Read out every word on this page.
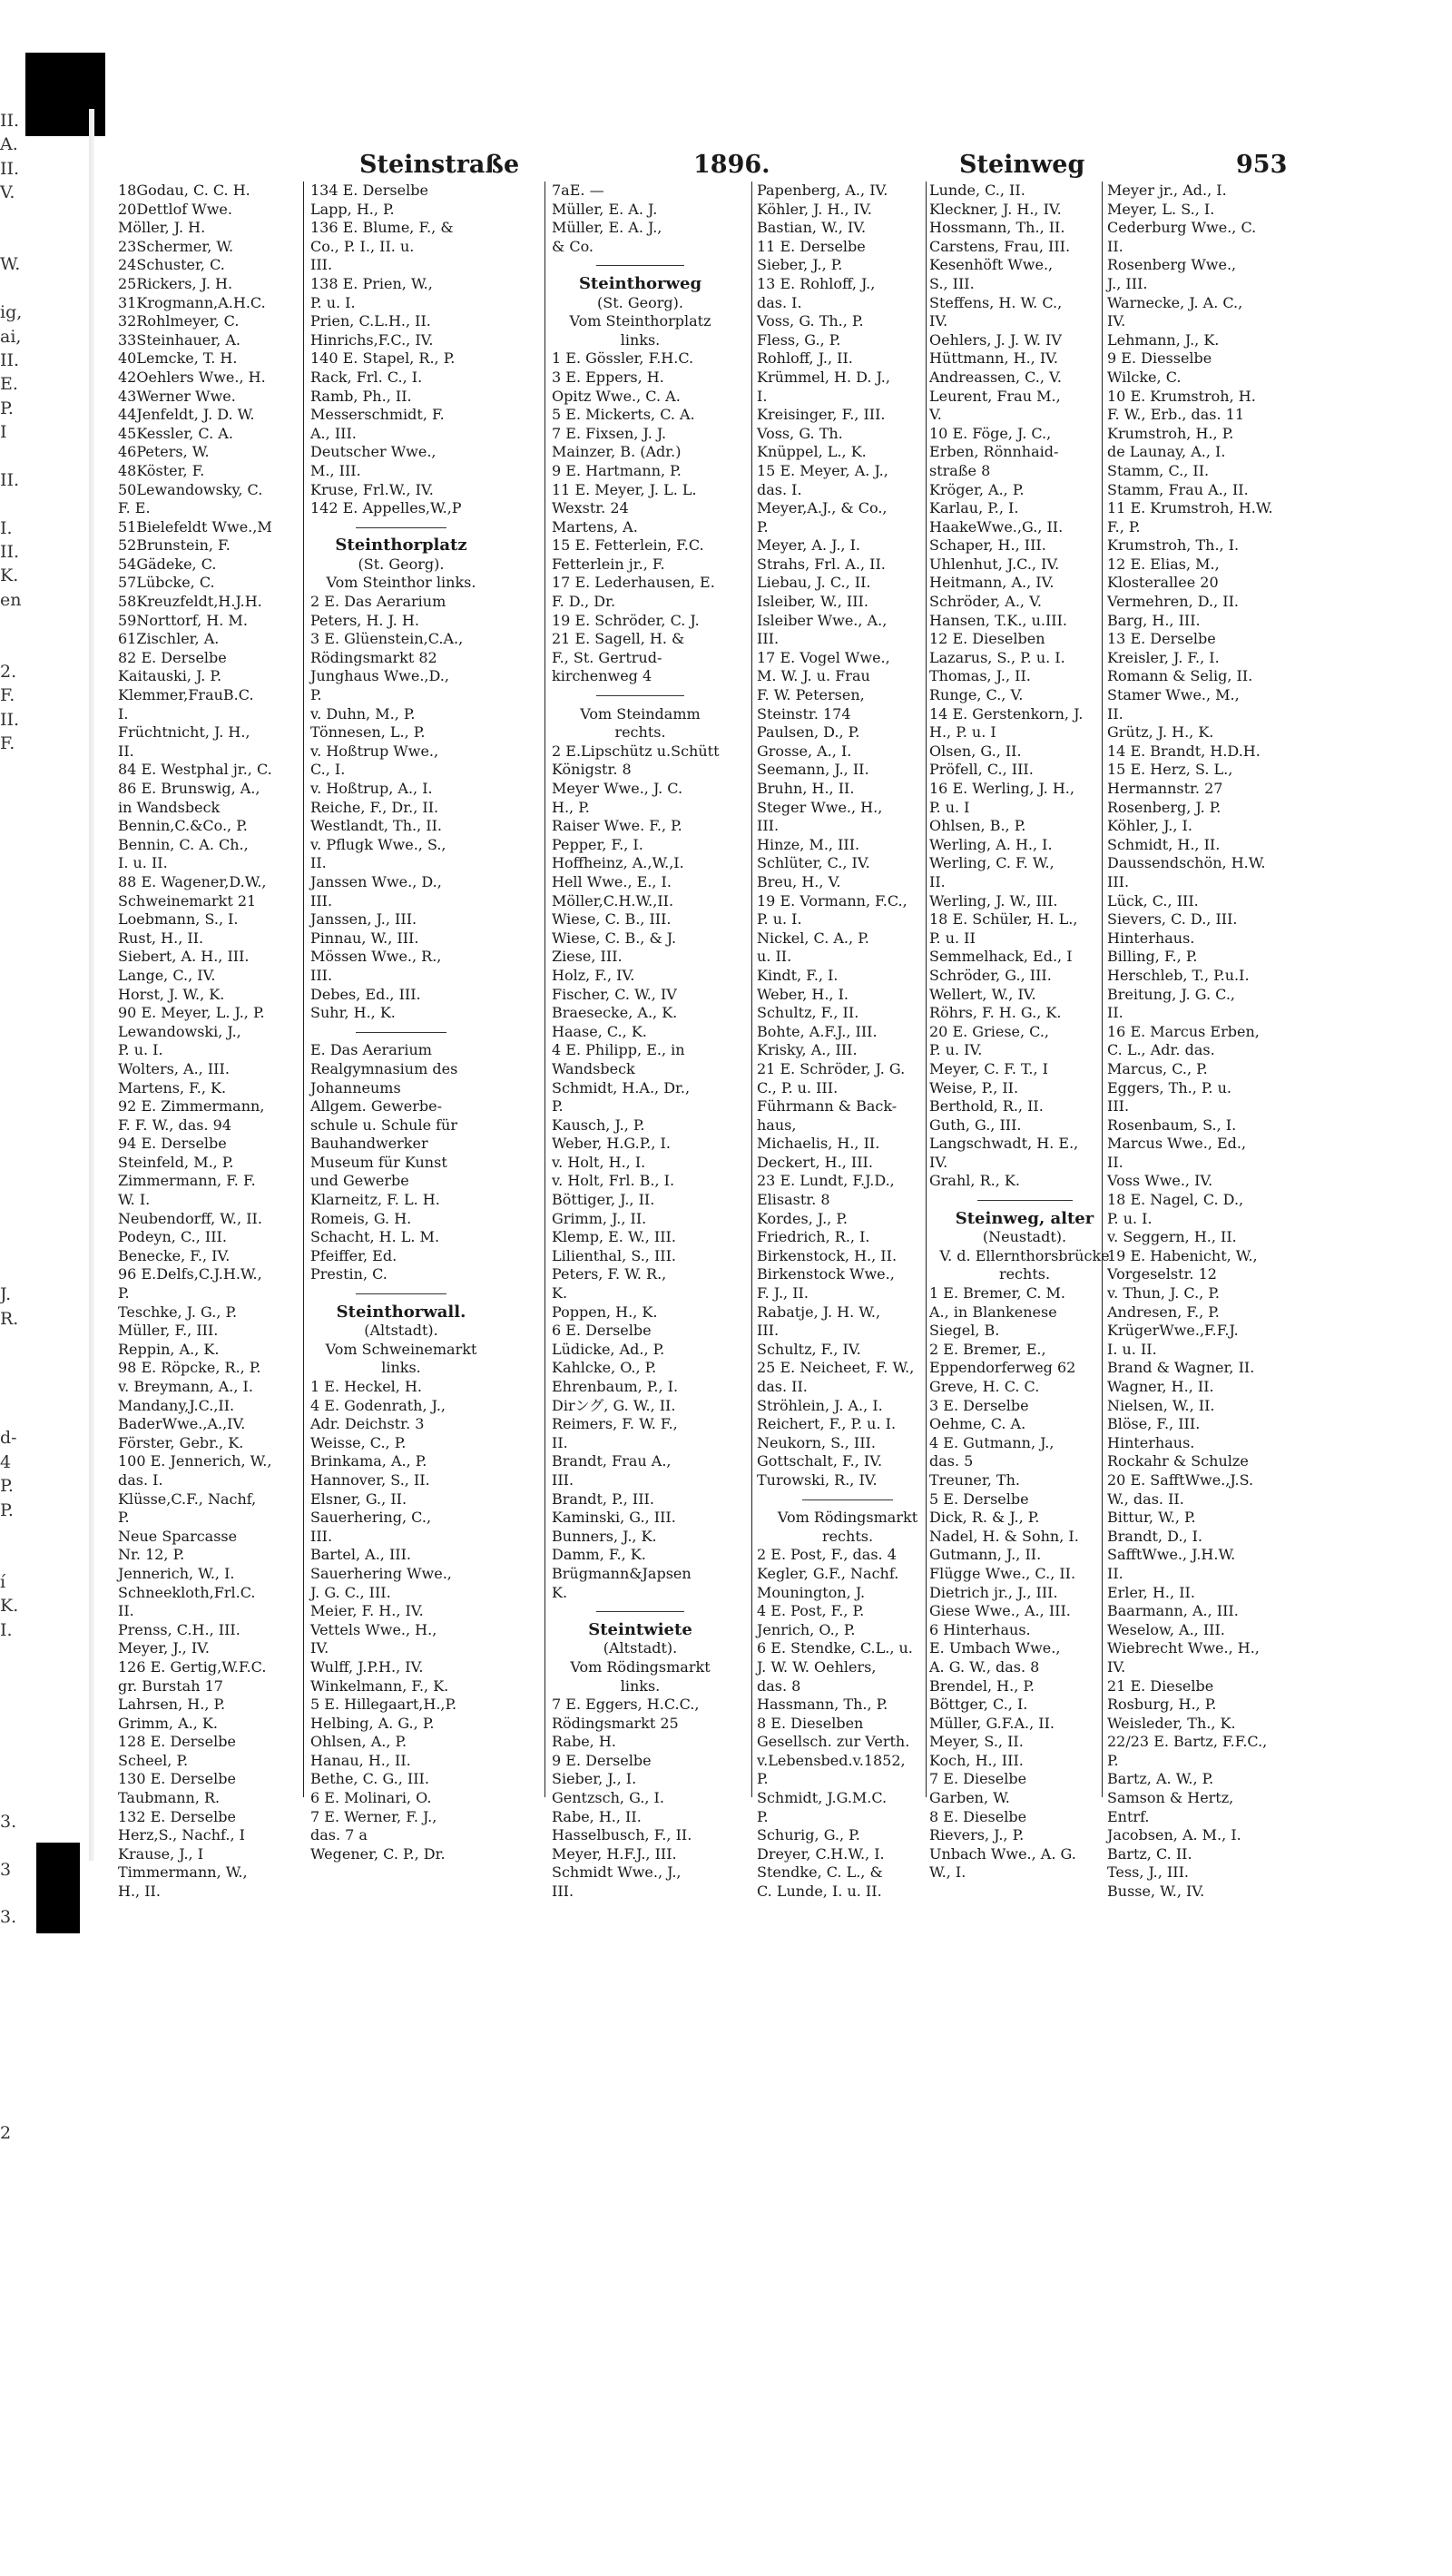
II.
A.
II.
V.
W.
ig,
ai,
II.
E.
P.
I
II.
I.
II.
K.
en
2.
F.
II.
F.
J.
R.
d-
4
P.
P.
í
K.
I.
3.
3
3.
2
Steinstraße	1896.	Steinweg	953
18Godau, C. C. H.
20Dettlof Wwe.
Möller, J. H.
23Schermer, W.
24Schuster, C.
25Rickers, J. H.
31Krogmann,A.H.C.
32Rohlmeyer, C.
33Steinhauer, A.
40Lemcke, T. H.
42Oehlers Wwe., H.
43Werner Wwe.
44Jenfeldt, J. D. W.
45Kessler, C. A.
46Peters, W.
48Köster, F.
50Lewandowsky, C.
F. E.
51Bielefeldt Wwe.,M
52Brunstein, F.
54Gädeke, C.
57Lübcke, C.
58Kreuzfeldt,H.J.H.
59Norttorf, H. M.
61Zischler, A.
82 E. Derselbe
Kaitauski, J. P.
Klemmer,FrauB.C.
I.
Früchtnicht, J. H.,
II.
84 E. Westphal jr., C.
86 E. Brunswig, A.,
in Wandsbeck
Bennin,C.&Co., P.
Bennin, C. A. Ch.,
I. u. II.
88 E. Wagener,D.W.,
Schweinemarkt 21
Loebmann, S., I.
Rust, H., II.
Siebert, A. H., III.
Lange, C., IV.
Horst, J. W., K.
90 E. Meyer, L. J., P.
Lewandowski, J.,
P. u. I.
Wolters, A., III.
Martens, F., K.
92 E. Zimmermann,
F. F. W., das. 94
94 E. Derselbe
Steinfeld, M., P.
Zimmermann, F. F.
W. I.
Neubendorff, W., II.
Podeyn, C., III.
Benecke, F., IV.
96 E.Delfs,C.J.H.W.,
P.
Teschke, J. G., P.
Müller, F., III.
Reppin, A., K.
98 E. Röpcke, R., P.
v. Breymann, A., I.
Mandany,J.C.,II.
BaderWwe.,A.,IV.
Förster, Gebr., K.
100 E. Jennerich, W.,
das. I.
Klüsse,C.F., Nachf,
P.
Neue Sparcasse
Nr. 12, P.
Jennerich, W., I.
Schneekloth,Frl.C.
II.
Prenss, C.H., III.
Meyer, J., IV.
126 E. Gertig,W.F.C.
gr. Burstah 17
Lahrsen, H., P.
Grimm, A., K.
128 E. Derselbe
Scheel, P.
130 E. Derselbe
Taubmann, R.
132 E. Derselbe
Herz,S., Nachf., I
Krause, J., I
Timmermann, W.,
H., II.
134 E. Derselbe
Lapp, H., P.
136 E. Blume, F., &
Co., P. I., II. u.
III.
138 E. Prien, W.,
P. u. I.
Prien, C.L.H., II.
Hinrichs,F.C., IV.
140 E. Stapel, R., P.
Rack, Frl. C., I.
Ramb, Ph., II.
Messerschmidt, F.
A., III.
Deutscher Wwe.,
M., III.
Kruse, Frl.W., IV.
142 E. Appelles,W.,P
Steinthorplatz
(St. Georg).
Vom Steinthor links.
2 E. Das Aerarium
Peters, H. J. H.
3 E. Glüenstein,C.A.,
Rödingsmarkt 82
Junghaus Wwe.,D.,
P.
v. Duhn, M., P.
Tönnesen, L., P.
v. Hoßtrup Wwe.,
C., I.
v. Hoßtrup, A., I.
Reiche, F., Dr., II.
Westlandt, Th., II.
v. Pflugk Wwe., S.,
II.
Janssen Wwe., D.,
III.
Janssen, J., III.
Pinnau, W., III.
Mössen Wwe., R.,
III.
Debes, Ed., III.
Suhr, H., K.
E. Das Aerarium
Realgymnasium des
Johanneums
Allgem. Gewerbe-
schule u. Schule für
Bauhandwerker
Museum für Kunst
und Gewerbe
Klarneitz, F. L. H.
Romeis, G. H.
Schacht, H. L. M.
Pfeiffer, Ed.
Prestin, C.
Steinthorwall.
(Altstadt).
Vom Schweinemarkt
links.
1 E. Heckel, H.
4 E. Godenrath, J.,
Adr. Deichstr. 3
Weisse, C., P.
Brinkama, A., P.
Hannover, S., II.
Elsner, G., II.
Sauerhering, C.,
III.
Bartel, A., III.
Sauerhering Wwe.,
J. G. C., III.
Meier, F. H., IV.
Vettels Wwe., H.,
IV.
Wulff, J.P.H., IV.
Winkelmann, F., K.
5 E. Hillegaart,H.,P.
Helbing, A. G., P.
Ohlsen, A., P.
Hanau, H., II.
Bethe, C. G., III.
6 E. Molinari, O.
7 E. Werner, F. J.,
das. 7 a
Wegener, C. P., Dr.
7aE. —
Müller, E. A. J.
Müller, E. A. J.,
& Co.
Steinthorweg
(St. Georg).
Vom Steinthorplatz
links.
1 E. Gössler, F.H.C.
3 E. Eppers, H.
Opitz Wwe., C. A.
5 E. Mickerts, C. A.
7 E. Fixsen, J. J.
Mainzer, B. (Adr.)
9 E. Hartmann, P.
11 E. Meyer, J. L. L.
Wexstr. 24
Martens, A.
15 E. Fetterlein, F.C.
Fetterlein jr., F.
17 E. Lederhausen, E.
F. D., Dr.
19 E. Schröder, C. J.
21 E. Sagell, H. &
F., St. Gertrud-
kirchenweg 4
Vom Steindamm
rechts.
2 E.Lipschütz u.Schütt
Königstr. 8
Meyer Wwe., J. C.
H., P.
Raiser Wwe. F., P.
Pepper, F., I.
Hoffheinz, A.,W.,I.
Hell Wwe., E., I.
Möller,C.H.W.,II.
Wiese, C. B., III.
Wiese, C. B., & J.
Ziese, III.
Holz, F., IV.
Fischer, C. W., IV
Braesecke, A., K.
Haase, C., K.
4 E. Philipp, E., in
Wandsbeck
Schmidt, H.A., Dr.,
P.
Kausch, J., P.
Weber, H.G.P., I.
v. Holt, H., I.
v. Holt, Frl. B., I.
Böttiger, J., II.
Grimm, J., II.
Klemp, E. W., III.
Lilienthal, S., III.
Peters, F. W. R.,
K.
Poppen, H., K.
6 E. Derselbe
Lüdicke, Ad., P.
Kahlcke, O., P.
Ehrenbaum, P., I.
Dirング, G. W., II.
Reimers, F. W. F.,
II.
Brandt, Frau A.,
III.
Brandt, P., III.
Kaminski, G., III.
Bunners, J., K.
Damm, F., K.
Brügmann&Japsen
K.
Steintwiete
(Altstadt).
Vom Rödingsmarkt
links.
7 E. Eggers, H.C.C.,
Rödingsmarkt 25
Rabe, H.
9 E. Derselbe
Sieber, J., I.
Gentzsch, G., I.
Rabe, H., II.
Hasselbusch, F., II.
Meyer, H.F.J., III.
Schmidt Wwe., J.,
III.
Papenberg, A., IV.
Köhler, J. H., IV.
Bastian, W., IV.
11 E. Derselbe
Sieber, J., P.
13 E. Rohloff, J.,
das. I.
Voss, G. Th., P.
Fless, G., P.
Rohloff, J., II.
Krümmel, H. D. J.,
I.
Kreisinger, F., III.
Voss, G. Th.
Knüppel, L., K.
15 E. Meyer, A. J.,
das. I.
Meyer,A.J., & Co.,
P.
Meyer, A. J., I.
Strahs, Frl. A., II.
Liebau, J. C., II.
Isleiber, W., III.
Isleiber Wwe., A.,
III.
17 E. Vogel Wwe.,
M. W. J. u. Frau
F. W. Petersen,
Steinstr. 174
Paulsen, D., P.
Grosse, A., I.
Seemann, J., II.
Bruhn, H., II.
Steger Wwe., H.,
III.
Hinze, M., III.
Schlüter, C., IV.
Breu, H., V.
19 E. Vormann, F.C.,
P. u. I.
Nickel, C. A., P.
u. II.
Kindt, F., I.
Weber, H., I.
Schultz, F., II.
Bohte, A.F.J., III.
Krisky, A., III.
21 E. Schröder, J. G.
C., P. u. III.
Führmann & Back-
haus,
Michaelis, H., II.
Deckert, H., III.
23 E. Lundt, F.J.D.,
Elisastr. 8
Kordes, J., P.
Friedrich, R., I.
Birkenstock, H., II.
Birkenstock Wwe.,
F. J., II.
Rabatje, J. H. W.,
III.
Schultz, F., IV.
25 E. Neicheet, F. W.,
das. II.
Ströhlein, J. A., I.
Reichert, F., P. u. I.
Neukorn, S., III.
Gottschalt, F., IV.
Turowski, R., IV.
Vom Rödingsmarkt
rechts.
2 E. Post, F., das. 4
Kegler, G.F., Nachf.
Mounington, J.
4 E. Post, F., P.
Jenrich, O., P.
6 E. Stendke, C.L., u.
J. W. W. Oehlers,
das. 8
Hassmann, Th., P.
8 E. Dieselben
Gesellsch. zur Verth.
v.Lebensbed.v.1852,
P.
Schmidt, J.G.M.C.
P.
Schurig, G., P.
Dreyer, C.H.W., I.
Stendke, C. L., &
C. Lunde, I. u. II.
Lunde, C., II.
Kleckner, J. H., IV.
Hossmann, Th., II.
Carstens, Frau, III.
Kesenhöft Wwe.,
S., III.
Steffens, H. W. C.,
IV.
Oehlers, J. J. W. IV
Hüttmann, H., IV.
Andreassen, C., V.
Leurent, Frau M.,
V.
10 E. Föge, J. C.,
Erben, Rönnhaid-
straße 8
Kröger, A., P.
Karlau, P., I.
HaakeWwe.,G., II.
Schaper, H., III.
Uhlenhut, J.C., IV.
Heitmann, A., IV.
Schröder, A., V.
Hansen, T.K., u.III.
12 E. Dieselben
Lazarus, S., P. u. I.
Thomas, J., II.
Runge, C., V.
14 E. Gerstenkorn, J.
H., P. u. I
Olsen, G., II.
Pröfell, C., III.
16 E. Werling, J. H.,
P. u. I
Ohlsen, B., P.
Werling, A. H., I.
Werling, C. F. W.,
II.
Werling, J. W., III.
18 E. Schüler, H. L.,
P. u. II
Semmelhack, Ed., I
Schröder, G., III.
Wellert, W., IV.
Röhrs, F. H. G., K.
20 E. Griese, C.,
P. u. IV.
Meyer, C. F. T., I
Weise, P., II.
Berthold, R., II.
Guth, G., III.
Langschwadt, H. E.,
IV.
Grahl, R., K.
Steinweg, alter
(Neustadt).
V. d. Ellernthorsbrücke
rechts.
1 E. Bremer, C. M.
A., in Blankenese
Siegel, B.
2 E. Bremer, E.,
Eppendorferweg 62
Greve, H. C. C.
3 E. Derselbe
Oehme, C. A.
4 E. Gutmann, J.,
das. 5
Treuner, Th.
5 E. Derselbe
Dick, R. & J., P.
Nadel, H. & Sohn, I.
Gutmann, J., II.
Flügge Wwe., C., II.
Dietrich jr., J., III.
Giese Wwe., A., III.
6 Hinterhaus.
E. Umbach Wwe.,
A. G. W., das. 8
Brendel, H., P.
Böttger, C., I.
Müller, G.F.A., II.
Meyer, S., II.
Koch, H., III.
7 E. Dieselbe
Garben, W.
8 E. Dieselbe
Rievers, J., P.
Unbach Wwe., A. G.
W., I.
Meyer jr., Ad., I.
Meyer, L. S., I.
Cederburg Wwe., C.
II.
Rosenberg Wwe.,
J., III.
Warnecke, J. A. C.,
IV.
Lehmann, J., K.
9 E. Diesselbe
Wilcke, C.
10 E. Krumstroh, H.
F. W., Erb., das. 11
Krumstroh, H., P.
de Launay, A., I.
Stamm, C., II.
Stamm, Frau A., II.
11 E. Krumstroh, H.W.
F., P.
Krumstroh, Th., I.
12 E. Elias, M.,
Klosterallee 20
Vermehren, D., II.
Barg, H., III.
13 E. Derselbe
Kreisler, J. F., I.
Romann & Selig, II.
Stamer Wwe., M.,
II.
Grütz, J. H., K.
14 E. Brandt, H.D.H.
15 E. Herz, S. L.,
Hermannstr. 27
Rosenberg, J. P.
Köhler, J., I.
Schmidt, H., II.
Daussendschön, H.W.
III.
Lück, C., III.
Sievers, C. D., III.
Hinterhaus.
Billing, F., P.
Herschleb, T., P.u.I.
Breitung, J. G. C.,
II.
16 E. Marcus Erben,
C. L., Adr. das.
Marcus, C., P.
Eggers, Th., P. u.
III.
Rosenbaum, S., I.
Marcus Wwe., Ed.,
II.
Voss Wwe., IV.
18 E. Nagel, C. D.,
P. u. I.
v. Seggern, H., II.
19 E. Habenicht, W.,
Vorgeselstr. 12
v. Thun, J. C., P.
Andresen, F., P.
KrügerWwe.,F.F.J.
I. u. II.
Brand & Wagner, II.
Wagner, H., II.
Nielsen, W., II.
Blöse, F., III.
Hinterhaus.
Rockahr & Schulze
20 E. SafftWwe.,J.S.
W., das. II.
Bittur, W., P.
Brandt, D., I.
SafftWwe., J.H.W.
II.
Erler, H., II.
Baarmann, A., III.
Weselow, A., III.
Wiebrecht Wwe., H.,
IV.
21 E. Dieselbe
Rosburg, H., P.
Weisleder, Th., K.
22/23 E. Bartz, F.F.C.,
P.
Bartz, A. W., P.
Samson & Hertz,
Entrf.
Jacobsen, A. M., I.
Bartz, C. II.
Tess, J., III.
Busse, W., IV.
